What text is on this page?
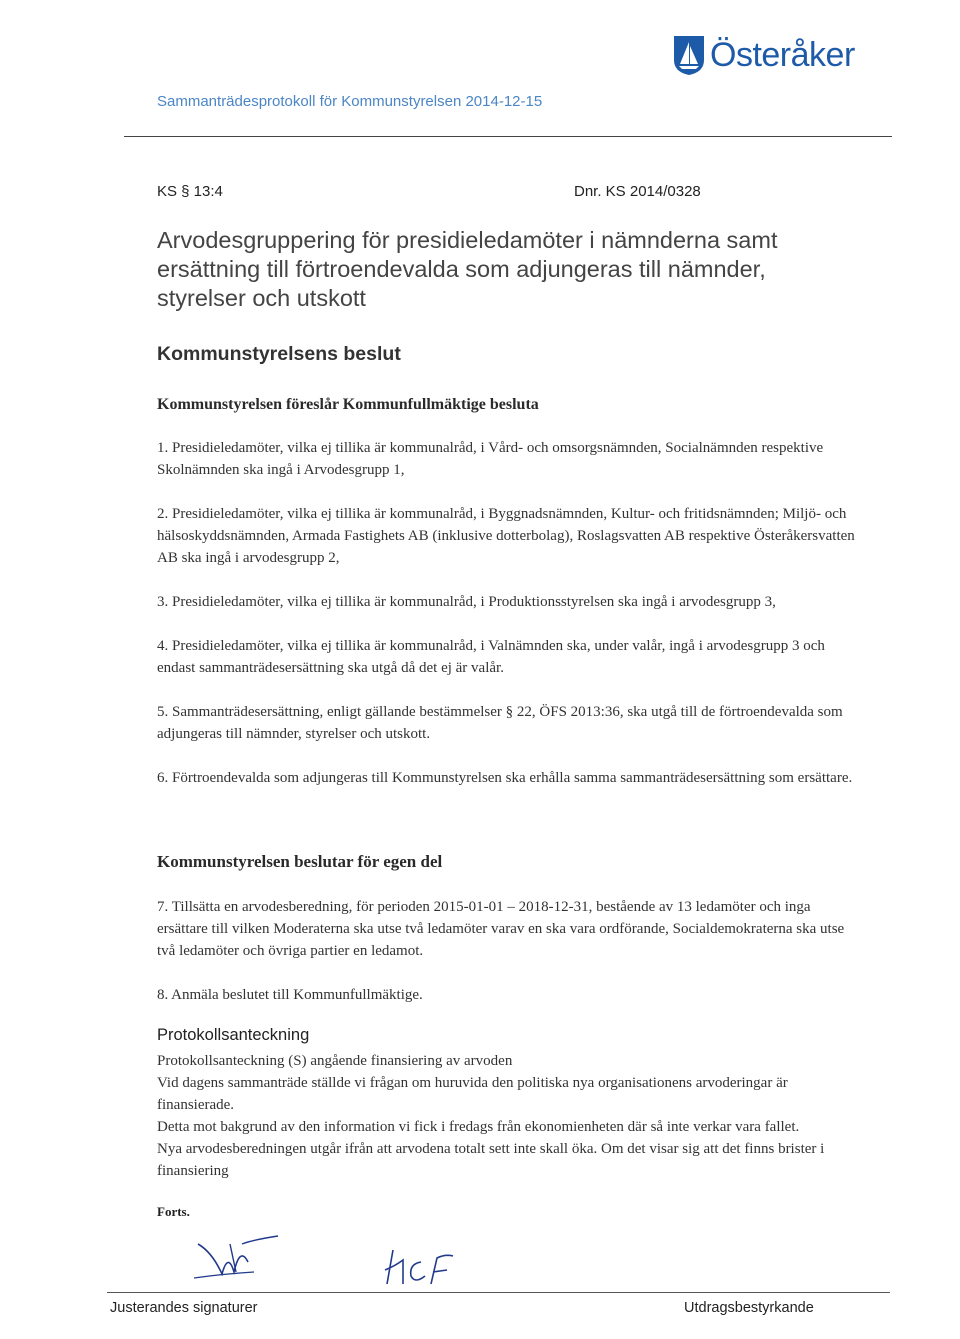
Österåker
Sammanträdesprotokoll för Kommunstyrelsen 2014-12-15
KS § 13:4	Dnr. KS 2014/0328
Arvodesgruppering för presidieledamöter i nämnderna samt ersättning till förtroendevalda som adjungeras till nämnder, styrelser och utskott
Kommunstyrelsens beslut
Kommunstyrelsen föreslår Kommunfullmäktige besluta

1. Presidieledamöter, vilka ej tillika är kommunalråd, i Vård- och omsorgsnämnden, Socialnämnden respektive Skolnämnden ska ingå i Arvodesgrupp 1,

2. Presidieledamöter, vilka ej tillika är kommunalråd, i Byggnadsnämnden, Kultur- och fritidsnämnden; Miljö- och hälsoskyddsnämnden, Armada Fastighets AB (inklusive dotterbolag), Roslagsvatten AB respektive Österåkersvatten AB ska ingå i arvodesgrupp 2,

3. Presidieledamöter, vilka ej tillika är kommunalråd, i Produktionsstyrelsen ska ingå i arvodesgrupp 3,

4. Presidieledamöter, vilka ej tillika är kommunalråd, i Valnämnden ska, under valår, ingå i arvodesgrupp 3 och endast sammanträdesersättning ska utgå då det ej är valår.

5. Sammanträdesersättning, enligt gällande bestämmelser § 22, ÖFS 2013:36, ska utgå till de förtroendevalda som adjungeras till nämnder, styrelser och utskott.

6. Förtroendevalda som adjungeras till Kommunstyrelsen ska erhålla samma sammanträdesersättning som ersättare.

Kommunstyrelsen beslutar för egen del

7. Tillsätta en arvodesberedning, för perioden 2015-01-01 – 2018-12-31, bestående av 13 ledamöter och inga ersättare till vilken Moderaterna ska utse två ledamöter varav en ska vara ordförande, Socialdemokraterna ska utse två ledamöter och övriga partier en ledamot.

8. Anmäla beslutet till Kommunfullmäktige.

Protokollsanteckning

Protokollsanteckning (S) angående finansiering av arvoden

Vid dagens sammanträde ställde vi frågan om huruvida den politiska nya organisationens arvoderingar är finansierade.

Detta mot bakgrund av den information vi fick i fredags från ekonomienheten där så inte verkar vara fallet.

Nya arvodesberedningen utgår ifrån att arvodena totalt sett inte skall öka. Om det visar sig att det finns brister i finansiering

Forts.
Justerandes signaturer	Utdragsbestyrkande
